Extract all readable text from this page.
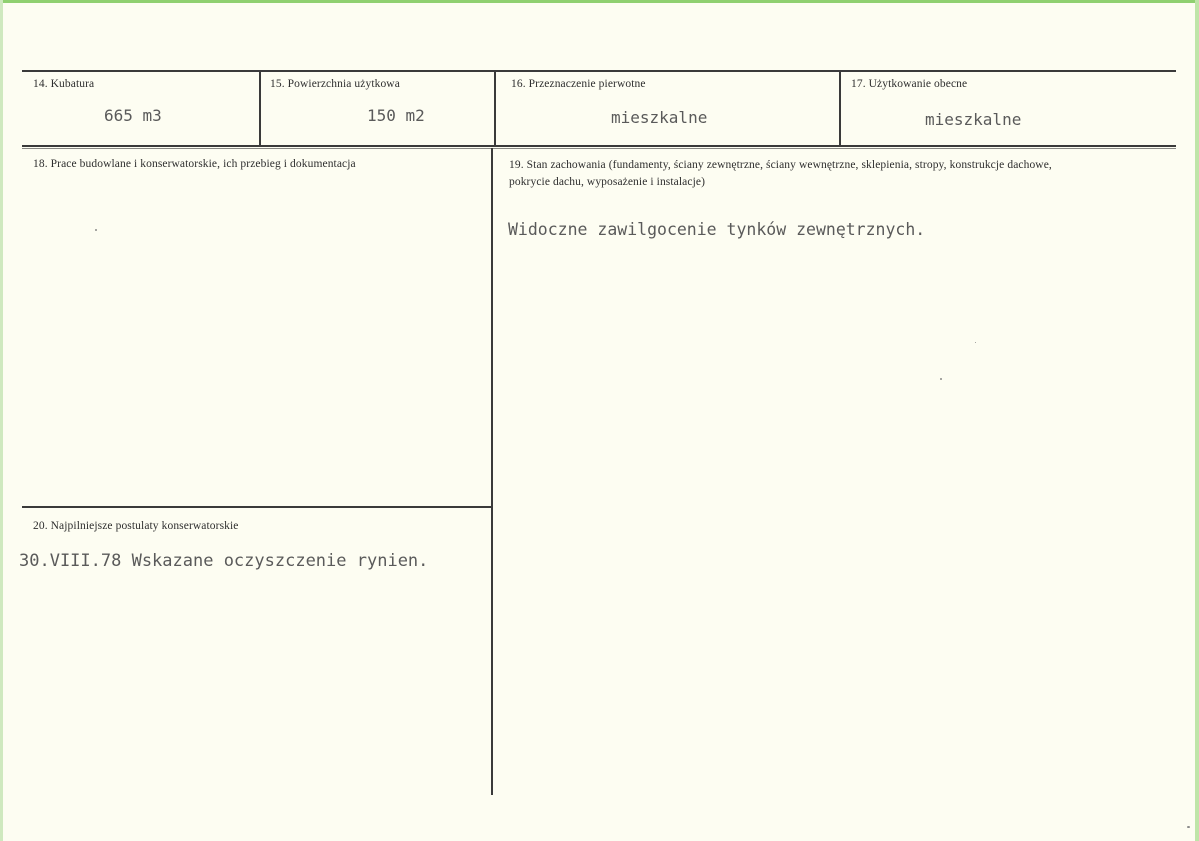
14. Kubatura
665 m3
15. Powierzchnia użytkowa
150 m2
16. Przeznaczenie pierwotne
mieszkalne
17. Użytkowanie obecne
mieszkalne
18. Prace budowlane i konserwatorskie, ich przebieg i dokumentacja	19. Stan zachowania (fundamenty, ściany zewnętrzne, ściany wewnętrzne, sklepienia, stropy, konstrukcje dachowe, pokrycie dachu, wyposażenie i instalacje)
Widoczne zawilgocenie tynków zewnętrznych.
20. Najpilniejsze postulaty konserwatorskie
30.VIII.78 Wskazane oczyszczenie rynien.
